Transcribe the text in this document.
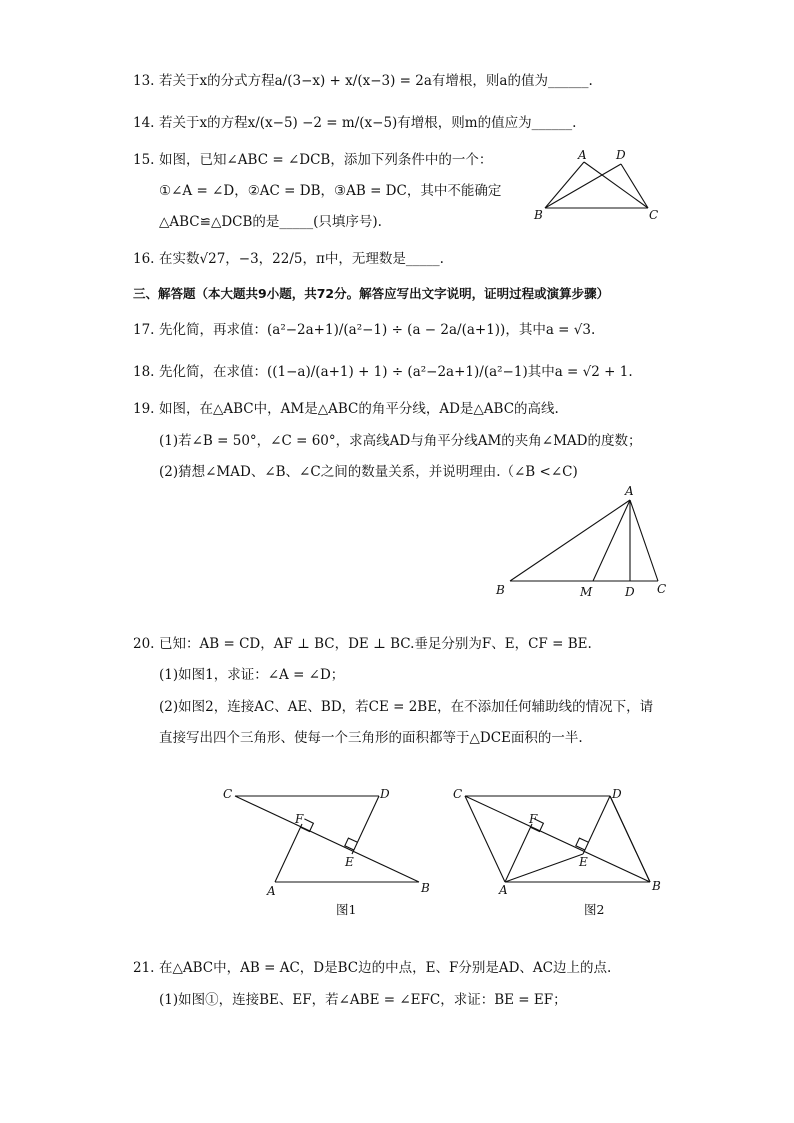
13. 若关于x的分式方程a/(3−x) + x/(x−3) = 2a有增根，则a的值为______.
14. 若关于x的方程x/(x−5) −2 = m/(x−5)有增根，则m的值应为______.
15. 如图，已知∠ABC = ∠DCB，添加下列条件中的一个：
①∠A = ∠D，②AC = DB，③AB = DC，其中不能确定
△ABC≌△DCB的是_____(只填序号).
A D
B	C
16. 在实数√27，−3，22/5，π中，无理数是_____.
三、解答题（本大题共9小题，共72分。解答应写出文字说明，证明过程或演算步骤）
17. 先化简，再求值：(a²−2a+1)/(a²−1) ÷ (a − 2a/(a+1))，其中a = √3.
18. 先化简，在求值：((1−a)/(a+1) + 1) ÷ (a²−2a+1)/(a²−1)其中a = √2 + 1.
19. 如图，在△ABC中，AM是△ABC的角平分线，AD是△ABC的高线.
(1)若∠B = 50°，∠C = 60°，求高线AD与角平分线AM的夹角∠MAD的度数；
(2)猜想∠MAD、∠B、∠C之间的数量关系，并说明理由.（∠B <∠C)
A
B	M	D C
20. 已知：AB = CD，AF ⊥ BC，DE ⊥ BC.垂足分别为F、E，CF = BE.
(1)如图1，求证：∠A = ∠D；
(2)如图2，连接AC、AE、BD，若CE = 2BE，在不添加任何辅助线的情况下，请
直接写出四个三角形、使每一个三角形的面积都等于△DCE面积的一半.
C	D
F
E
A	B
图1
C	D
F
E
A	B
图2
21. 在△ABC中，AB = AC，D是BC边的中点，E、F分别是AD、AC边上的点.
(1)如图①，连接BE、EF，若∠ABE = ∠EFC，求证：BE = EF；
